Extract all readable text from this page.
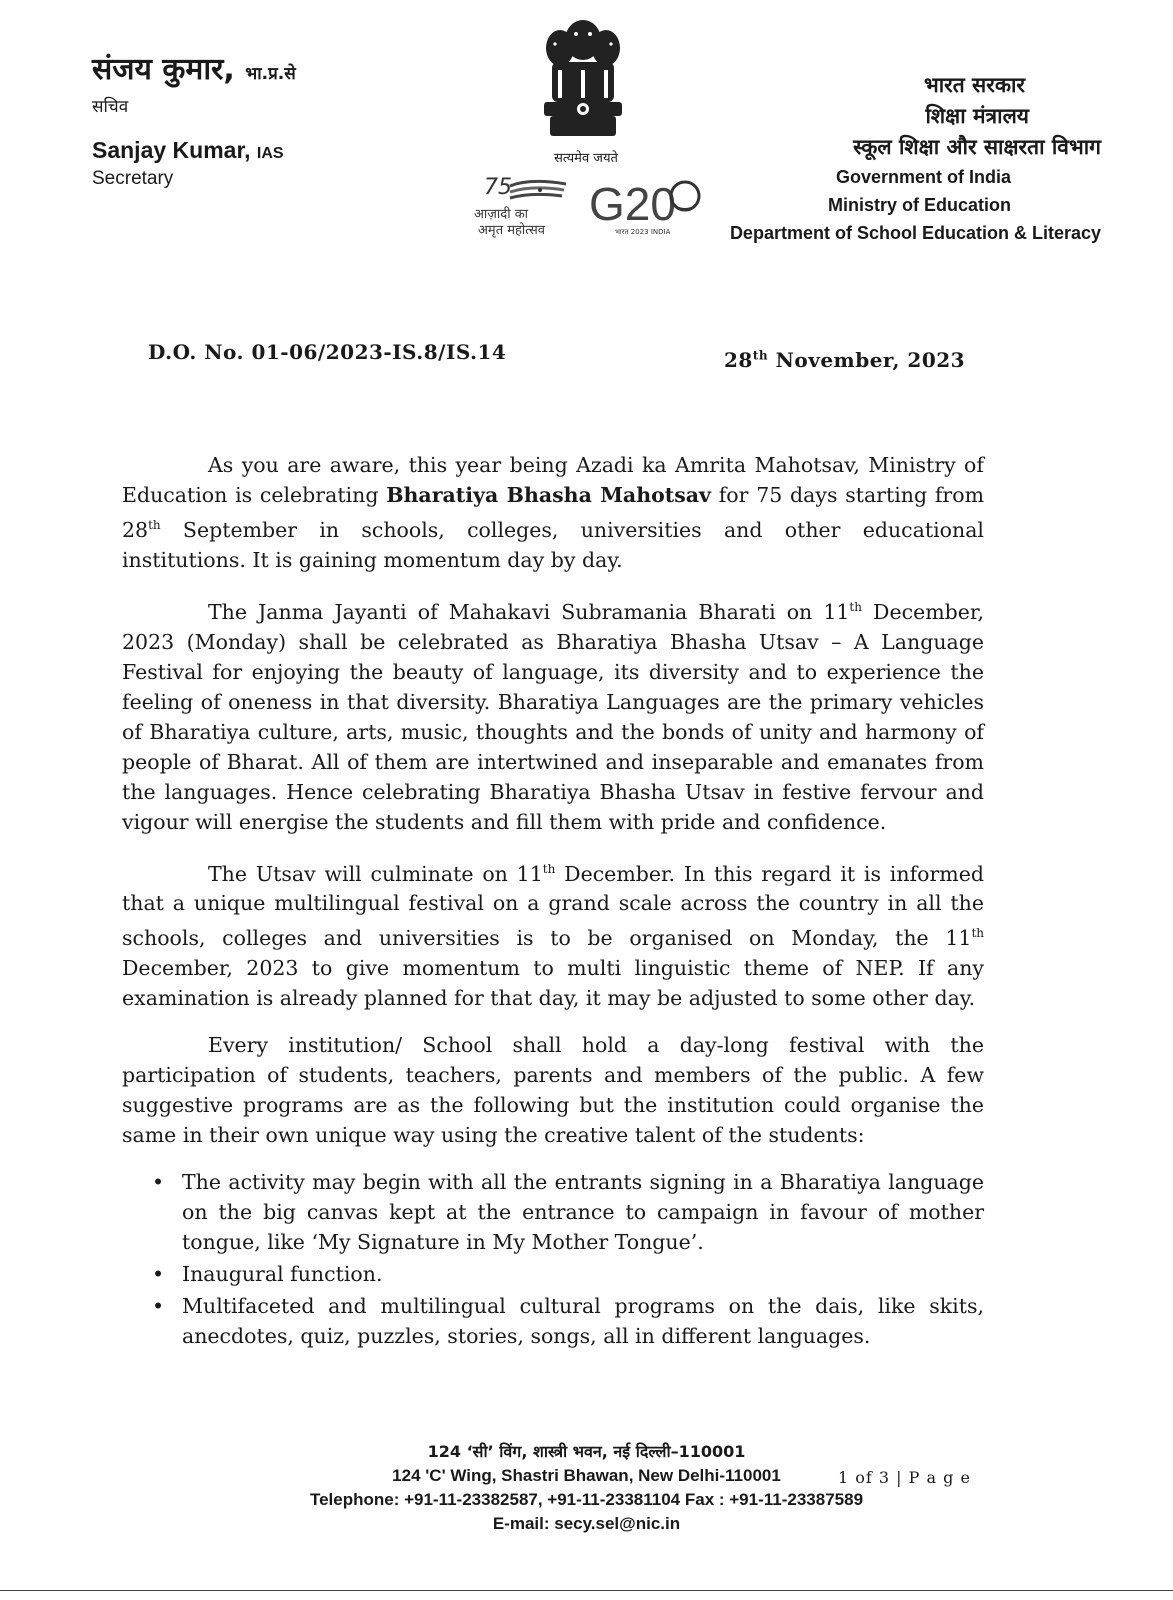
संजय कुमार, भा.प्र.से
सचिव
Sanjay Kumar, IAS
Secretary
सत्यमेव जयते
75
आज़ादी का
अमृत महोत्सव
G20
भारत 2023 INDIA
भारत सरकार
शिक्षा मंत्रालय
स्कूल शिक्षा और साक्षरता विभाग
Government of India
Ministry of Education
Department of School Education & Literacy
D.O. No. 01-06/2023-IS.8/IS.14	28th November, 2023

As you are aware, this year being Azadi ka Amrita Mahotsav, Ministry of Education is celebrating Bharatiya Bhasha Mahotsav for 75 days starting from 28th September in schools, colleges, universities and other educational institutions. It is gaining momentum day by day.

The Janma Jayanti of Mahakavi Subramania Bharati on 11th December, 2023 (Monday) shall be celebrated as Bharatiya Bhasha Utsav – A Language Festival for enjoying the beauty of language, its diversity and to experience the feeling of oneness in that diversity. Bharatiya Languages are the primary vehicles of Bharatiya culture, arts, music, thoughts and the bonds of unity and harmony of people of Bharat. All of them are intertwined and inseparable and emanates from the languages. Hence celebrating Bharatiya Bhasha Utsav in festive fervour and vigour will energise the students and fill them with pride and confidence.

The Utsav will culminate on 11th December. In this regard it is informed that a unique multilingual festival on a grand scale across the country in all the schools, colleges and universities is to be organised on Monday, the 11th December, 2023 to give momentum to multi linguistic theme of NEP. If any examination is already planned for that day, it may be adjusted to some other day.

Every institution/ School shall hold a day-long festival with the participation of students, teachers, parents and members of the public. A few suggestive programs are as the following but the institution could organise the same in their own unique way using the creative talent of the students:

• The activity may begin with all the entrants signing in a Bharatiya language on the big canvas kept at the entrance to campaign in favour of mother tongue, like ‘My Signature in My Mother Tongue’.
• Inaugural function.
• Multifaceted and multilingual cultural programs on the dais, like skits, anecdotes, quiz, puzzles, stories, songs, all in different languages.
124 ‘सी’ विंग, शास्त्री भवन, नई दिल्ली–110001
124 'C' Wing, Shastri Bhawan, New Delhi-110001
Telephone: +91-11-23382587, +91-11-23381104 Fax : +91-11-23387589
E-mail: secy.sel@nic.in
1 of 3 | P a g e
